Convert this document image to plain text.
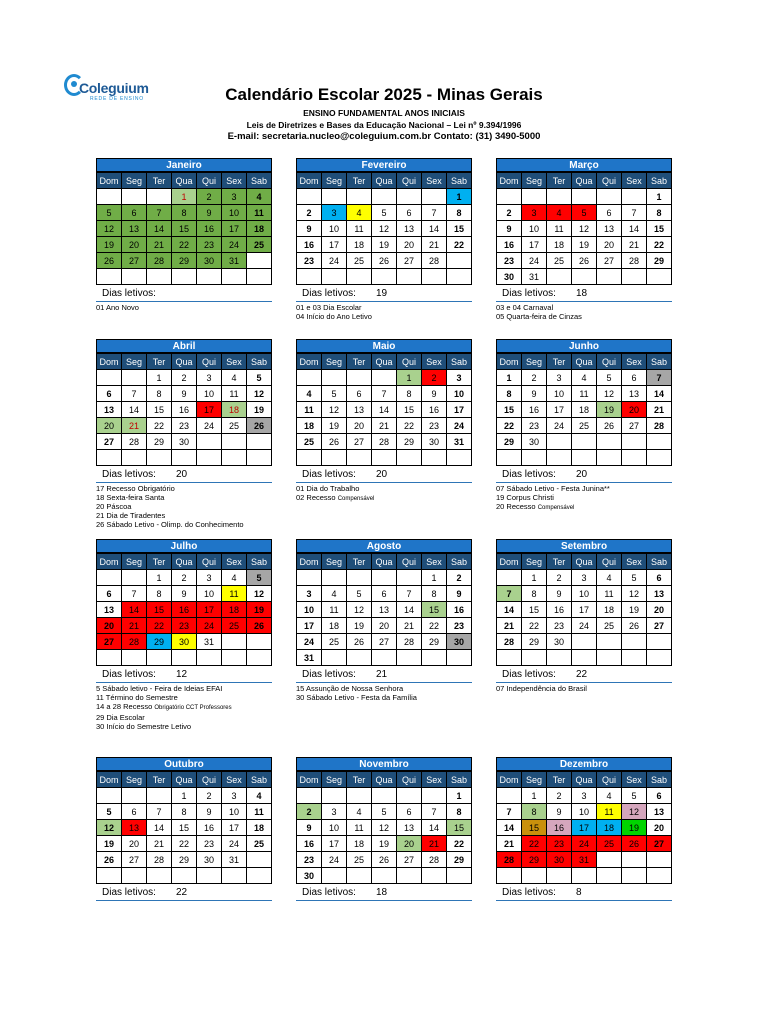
Coleguium
REDE DE ENSINO	Calendário Escolar 2025 - Minas Gerais
ENSINO FUNDAMENTAL ANOS INICIAIS
Leis de Diretrizes e Bases da Educação Nacional – Lei nº 9.394/1996
E-mail: secretaria.nucleo@coleguium.com.br Contato: (31) 3490-5000
Janeiro
Dom	Seg	Ter	Qua	Qui	Sex	Sab
			1	2	3	4
5	6	7	8	9	10	11
12	13	14	15	16	17	18
19	20	21	22	23	24	25
26	27	28	29	30	31	

Dias letivos:
01 Ano Novo
Fevereiro
Dom	Seg	Ter	Qua	Qui	Sex	Sab
						1
2	3	4	5	6	7	8
9	10	11	12	13	14	15
16	17	18	19	20	21	22
23	24	25	26	27	28	

Dias letivos: 19
01 e 03 Dia Escolar
04 Início do Ano Letivo
Março
Dom	Seg	Ter	Qua	Qui	Sex	Sab
						1
2	3	4	5	6	7	8
9	10	11	12	13	14	15
16	17	18	19	20	21	22
23	24	25	26	27	28	29
30	31					
Dias letivos: 18
03 e 04 Carnaval
05 Quarta-feira de Cinzas
Abril
Dom	Seg	Ter	Qua	Qui	Sex	Sab
		1	2	3	4	5
6	7	8	9	10	11	12
13	14	15	16	17	18	19
20	21	22	23	24	25	26
27	28	29	30			

Dias letivos: 20
17 Recesso Obrigatório
18 Sexta-feira Santa
20 Páscoa
21 Dia de Tiradentes
26 Sábado Letivo - Olimp. do Conhecimento
Maio
Dom	Seg	Ter	Qua	Qui	Sex	Sab
				1	2	3
4	5	6	7	8	9	10
11	12	13	14	15	16	17
18	19	20	21	22	23	24
25	26	27	28	29	30	31

Dias letivos: 20
01 Dia do Trabalho
02 Recesso Compensável
Junho
Dom	Seg	Ter	Qua	Qui	Sex	Sab
1	2	3	4	5	6	7
8	9	10	11	12	13	14
15	16	17	18	19	20	21
22	23	24	25	26	27	28
29	30					

Dias letivos: 20
07 Sábado Letivo - Festa Junina**
19 Corpus Christi
20 Recesso Compensável
Julho
Dom	Seg	Ter	Qua	Qui	Sex	Sab
		1	2	3	4	5
6	7	8	9	10	11	12
13	14	15	16	17	18	19
20	21	22	23	24	25	26
27	28	29	30	31		

Dias letivos: 12
5 Sábado letivo - Feira de Ideias EFAI
11 Término do Semestre
14 a 28 Recesso Obrigatório CCT Professores
29 Dia Escolar
30 Início do Semestre Letivo
Agosto
Dom	Seg	Ter	Qua	Qui	Sex	Sab
					1	2
3	4	5	6	7	8	9
10	11	12	13	14	15	16
17	18	19	20	21	22	23
24	25	26	27	28	29	30
31						
Dias letivos: 21
15 Assunção de Nossa Senhora
30 Sábado Letivo - Festa da Família
Setembro
Dom	Seg	Ter	Qua	Qui	Sex	Sab
	1	2	3	4	5	6
7	8	9	10	11	12	13
14	15	16	17	18	19	20
21	22	23	24	25	26	27
28	29	30				

Dias letivos: 22
07 Independência do Brasil
Outubro
Dom	Seg	Ter	Qua	Qui	Sex	Sab
			1	2	3	4
5	6	7	8	9	10	11
12	13	14	15	16	17	18
19	20	21	22	23	24	25
26	27	28	29	30	31	

Dias letivos: 22
Novembro
Dom	Seg	Ter	Qua	Qui	Sex	Sab
						1
2	3	4	5	6	7	8
9	10	11	12	13	14	15
16	17	18	19	20	21	22
23	24	25	26	27	28	29
30						
Dias letivos: 18
Dezembro
Dom	Seg	Ter	Qua	Qui	Sex	Sab
	1	2	3	4	5	6
7	8	9	10	11	12	13
14	15	16	17	18	19	20
21	22	23	24	25	26	27
28	29	30	31			

Dias letivos: 8
